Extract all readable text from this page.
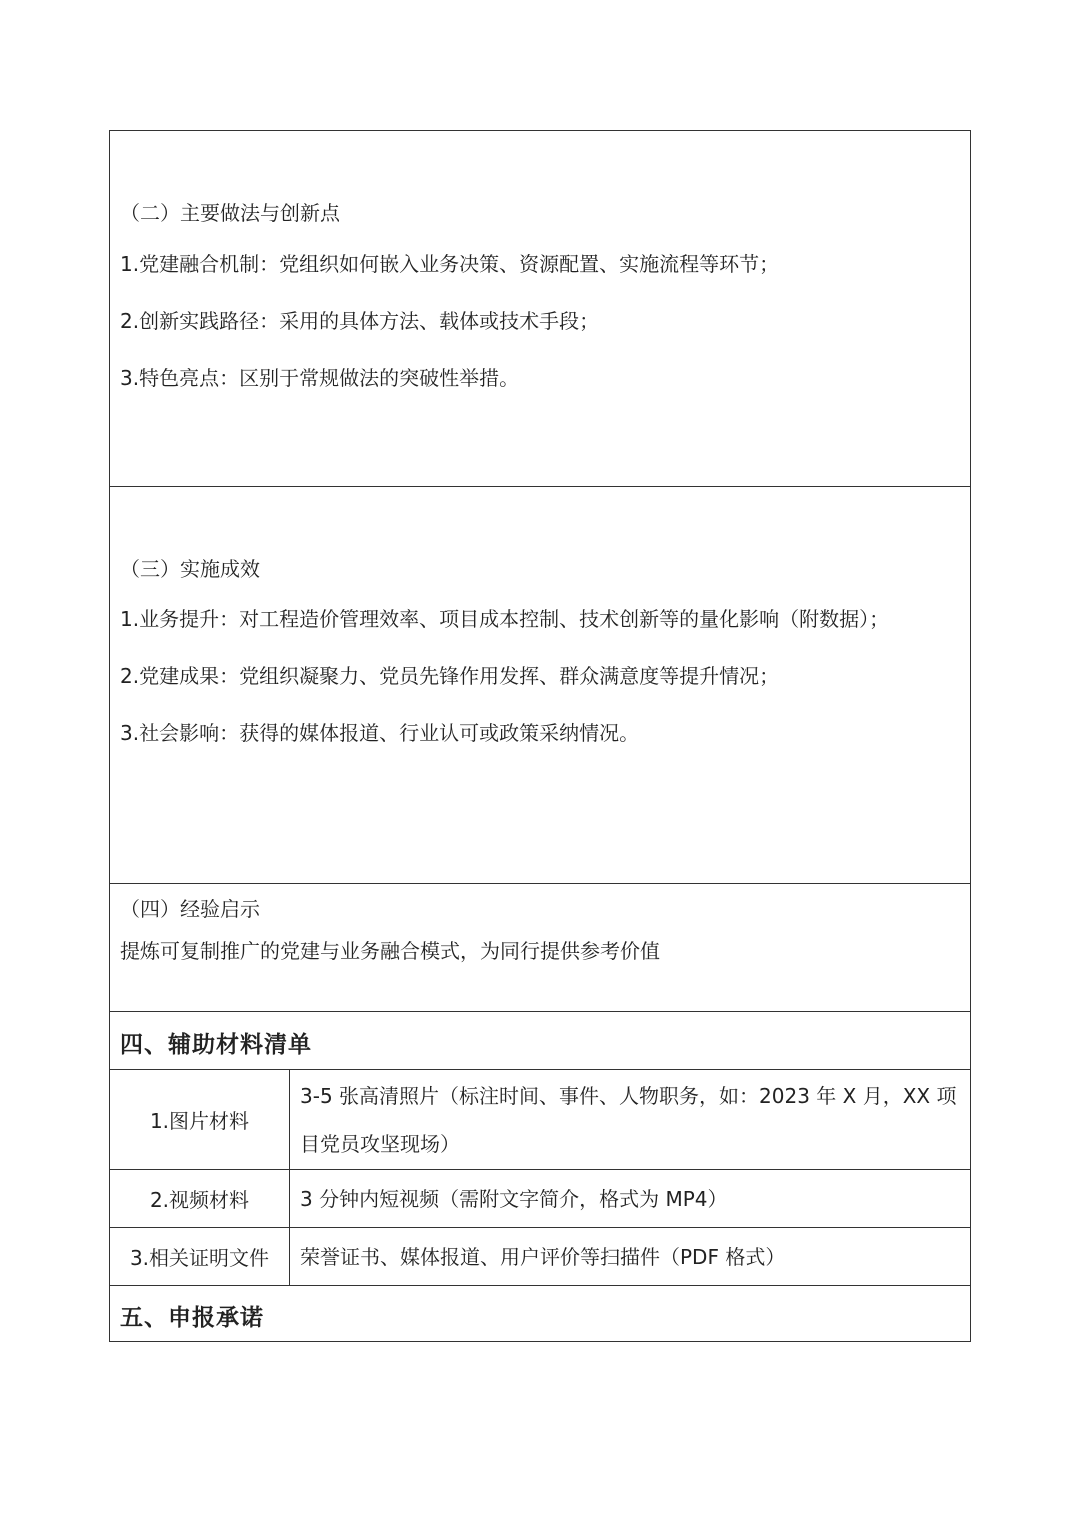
（二）主要做法与创新点
1.党建融合机制：党组织如何嵌入业务决策、资源配置、实施流程等环节；
2.创新实践路径：采用的具体方法、载体或技术手段；
3.特色亮点：区别于常规做法的突破性举措。
（三）实施成效
1.业务提升：对工程造价管理效率、项目成本控制、技术创新等的量化影响（附数据）；
2.党建成果：党组织凝聚力、党员先锋作用发挥、群众满意度等提升情况；
3.社会影响：获得的媒体报道、行业认可或政策采纳情况。
（四）经验启示
提炼可复制推广的党建与业务融合模式，为同行提供参考价值
四、辅助材料清单
1.图片材料
3-5 张高清照片（标注时间、事件、人物职务，如：2023 年 X 月，XX 项目党员攻坚现场）
2.视频材料	3 分钟内短视频（需附文字简介，格式为 MP4）
3.相关证明文件	荣誉证书、媒体报道、用户评价等扫描件（PDF 格式）
五、申报承诺
